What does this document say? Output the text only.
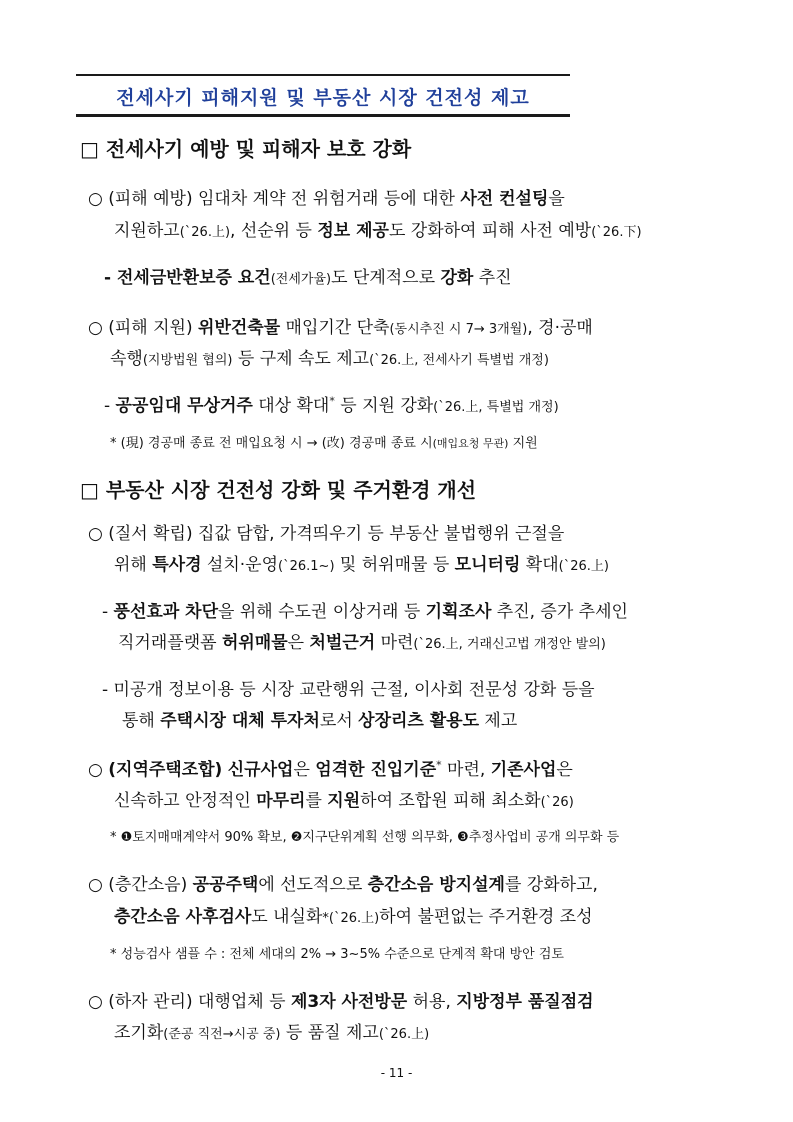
전세사기 피해지원 및 부동산 시장 건전성 제고
□ 전세사기 예방 및 피해자 보호 강화
○ (피해 예방) 임대차 계약 전 위험거래 등에 대한 사전 컨설팅을
지원하고(`26.上), 선순위 등 정보 제공도 강화하여 피해 사전 예방(`26.下)
- 전세금반환보증 요건(전세가율)도 단계적으로 강화 추진
○ (피해 지원) 위반건축물 매입기간 단축(동시추진 시 7→ 3개월), 경·공매
속행(지방법원 협의) 등 구제 속도 제고(`26.上, 전세사기 특별법 개정)
- 공공임대 무상거주 대상 확대* 등 지원 강화(`26.上, 특별법 개정)
* (現) 경공매 종료 전 매입요청 시 → (改) 경공매 종료 시(매입요청 무관) 지원
□ 부동산 시장 건전성 강화 및 주거환경 개선
○ (질서 확립) 집값 담합, 가격띄우기 등 부동산 불법행위 근절을
위해 특사경 설치·운영(`26.1~) 및 허위매물 등 모니터링 확대(`26.上)
- 풍선효과 차단을 위해 수도권 이상거래 등 기획조사 추진, 증가 추세인
직거래플랫폼 허위매물은 처벌근거 마련(`26.上, 거래신고법 개정안 발의)
- 미공개 정보이용 등 시장 교란행위 근절, 이사회 전문성 강화 등을
통해 주택시장 대체 투자처로서 상장리츠 활용도 제고
○ (지역주택조합) 신규사업은 엄격한 진입기준* 마련, 기존사업은
신속하고 안정적인 마무리를 지원하여 조합원 피해 최소화(`26)
* ❶토지매매계약서 90% 확보, ❷지구단위계획 선행 의무화, ❸추정사업비 공개 의무화 등
○ (층간소음) 공공주택에 선도적으로 층간소음 방지설계를 강화하고,
층간소음 사후검사도 내실화*(`26.上)하여 불편없는 주거환경 조성
* 성능검사 샘플 수 : 전체 세대의 2% → 3~5% 수준으로 단계적 확대 방안 검토
○ (하자 관리) 대행업체 등 제3자 사전방문 허용, 지방정부 품질점검
조기화(준공 직전→시공 중) 등 품질 제고(`26.上)
- 11 -
